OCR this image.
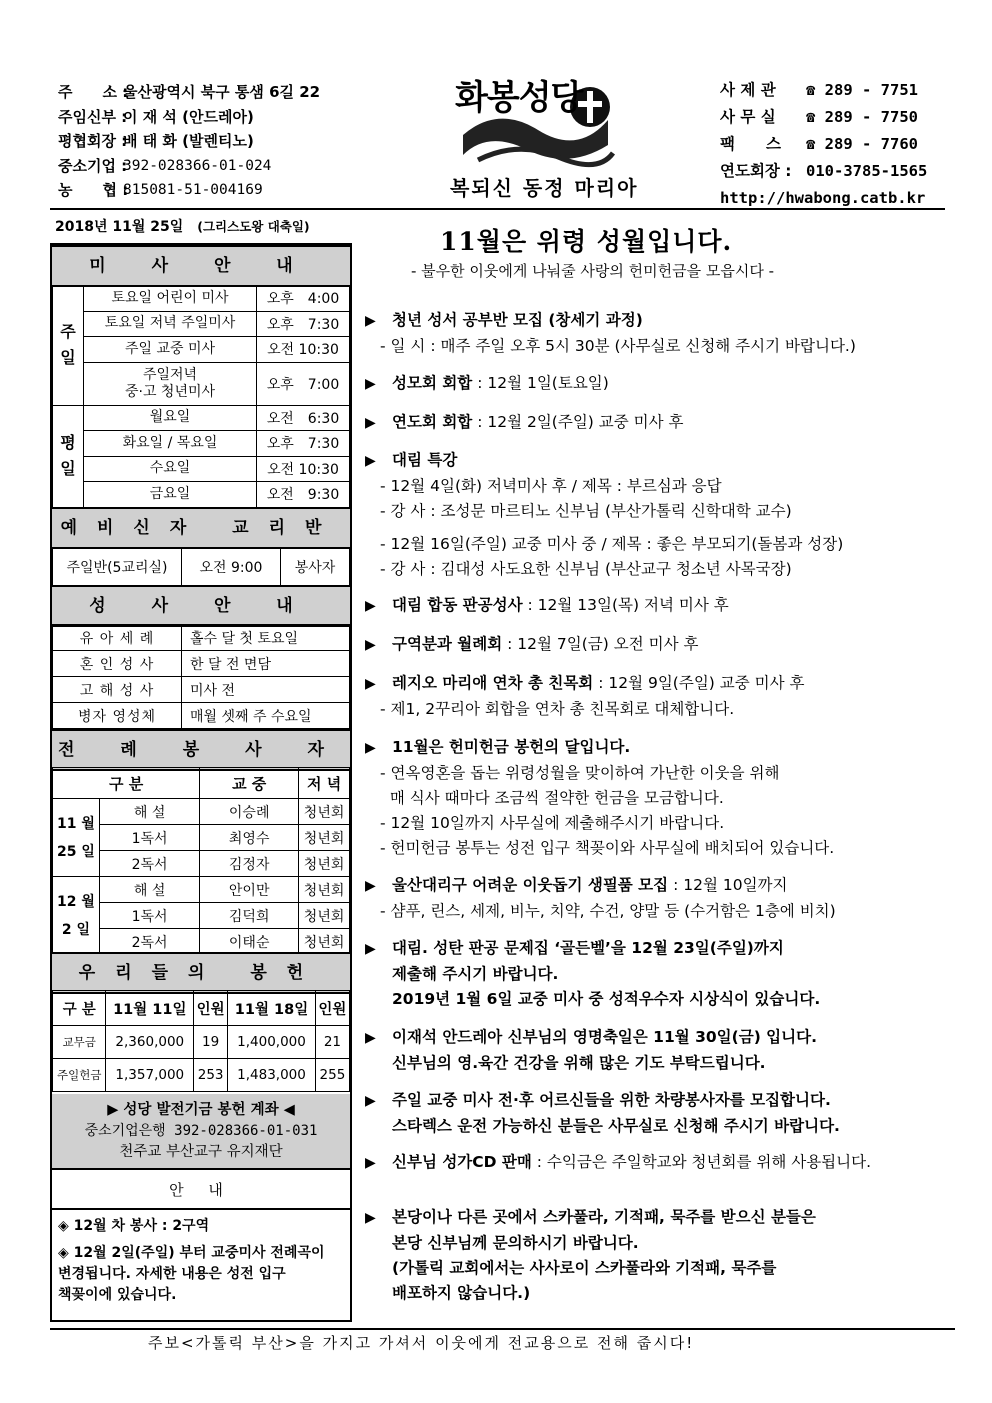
주　　소 :
울산광역시 북구 통샘 6길 22
주임신부 :
이 재 석 (안드레아)
평협회장 :
배 태 화 (발렌티노)
중소기업 :
392-028366-01-024
농　　협 :
815081-51-004169
화봉성당
복되신 동정 마리아
사 제 관	☎ 289 - 7751
사 무 실	☎ 289 - 7750
팩　　스	☎ 289 - 7760
연도회장 : 010-3785-1565
http://hwabong.catb.kr
2018년 11월 25일　 (그리스도왕 대축일)
미 사 안 내
주
일	토요일 어린이 미사	오후　4:00
	토요일 저녁 주일미사	오후　7:30
	주일 교중 미사	오전 10:30
	주일저녁
중·고 청년미사	오후　7:00
평
일	월요일	오전　6:30
	화요일 / 목요일	오후　7:30
	수요일	오전 10:30
	금요일	오전　9:30
예비신자 교리반
주일반(5교리실)	오전 9:00	봉사자
성 사 안 내
유 아 세 례	홀수 달 첫 토요일
혼 인 성 사	한 달 전 면담
고 해 성 사	미사 전
병자 영성체	매월 셋째 주 수요일
전 례 봉 사 자
구 분		교 중	저 녁
11 월
25 일	해 설	이승례	청년회
	1독서	최영수	청년회
	2독서	김정자	청년회
12 월
2 일	해 설	안이만	청년회
	1독서	김덕희	청년회
	2독서	이태순	청년회
우리들의 봉헌
구 분	11월 11일	인원	11월 18일	인원
교무금	2,360,000	19	1,400,000	21
주일헌금	1,357,000	253	1,483,000	255
▶ 성당 발전기금 봉헌 계좌 ◀
중소기업은행 392-028366-01-031
천주교 부산교구 유지재단
안 내
◈ 12월 차 봉사 : 2구역
◈ 12월 2일(주일) 부터 교중미사 전례곡이
변경됩니다. 자세한 내용은 성전 입구
책꽂이에 있습니다.
11월은 위령 성월입니다.
- 불우한 이웃에게 나눠줄 사랑의 헌미헌금을 모읍시다 -
▶ 청년 성서 공부반 모집 (창세기 과정)
- 일 시 : 매주 주일 오후 5시 30분 (사무실로 신청해 주시기 바랍니다.)
▶ 성모회 회합 : 12월 1일(토요일)
▶ 연도회 회합 : 12월 2일(주일) 교중 미사 후
▶ 대림 특강
- 12월 4일(화) 저녁미사 후 / 제목 : 부르심과 응답
- 강 사 : 조성문 마르티노 신부님 (부산가톨릭 신학대학 교수)
- 12월 16일(주일) 교중 미사 중 / 제목 : 좋은 부모되기(돌봄과 성장)
- 강 사 : 김대성 사도요한 신부님 (부산교구 청소년 사목국장)
▶ 대림 합동 판공성사 : 12월 13일(목) 저녁 미사 후
▶ 구역분과 월례회 : 12월 7일(금) 오전 미사 후
▶ 레지오 마리애 연차 총 친목회 : 12월 9일(주일) 교중 미사 후
- 제1, 2꾸리아 회합을 연차 총 친목회로 대체합니다.
▶ 11월은 헌미헌금 봉헌의 달입니다.
- 연옥영혼을 돕는 위령성월을 맞이하여 가난한 이웃을 위해
매 식사 때마다 조금씩 절약한 헌금을 모금합니다.
- 12월 10일까지 사무실에 제출해주시기 바랍니다.
- 헌미헌금 봉투는 성전 입구 책꽂이와 사무실에 배치되어 있습니다.
▶ 울산대리구 어려운 이웃돕기 생필품 모집 : 12월 10일까지
- 샴푸, 린스, 세제, 비누, 치약, 수건, 양말 등 (수거함은 1층에 비치)
▶ 대림. 성탄 판공 문제집 ‘골든벨’을 12월 23일(주일)까지
제출해 주시기 바랍니다.
2019년 1월 6일 교중 미사 중 성적우수자 시상식이 있습니다.
▶ 이재석 안드레아 신부님의 영명축일은 11월 30일(금) 입니다.
신부님의 영.육간 건강을 위해 많은 기도 부탁드립니다.
▶ 주일 교중 미사 전·후 어르신들을 위한 차량봉사자를 모집합니다.
스타렉스 운전 가능하신 분들은 사무실로 신청해 주시기 바랍니다.
▶ 신부님 성가CD 판매 : 수익금은 주일학교와 청년회를 위해 사용됩니다.
▶ 본당이나 다른 곳에서 스카풀라, 기적패, 묵주를 받으신 분들은
본당 신부님께 문의하시기 바랍니다.
(가톨릭 교회에서는 사사로이 스카풀라와 기적패, 묵주를
배포하지 않습니다.)
주보<가톨릭 부산>을 가지고 가셔서 이웃에게 전교용으로 전해 줍시다!
